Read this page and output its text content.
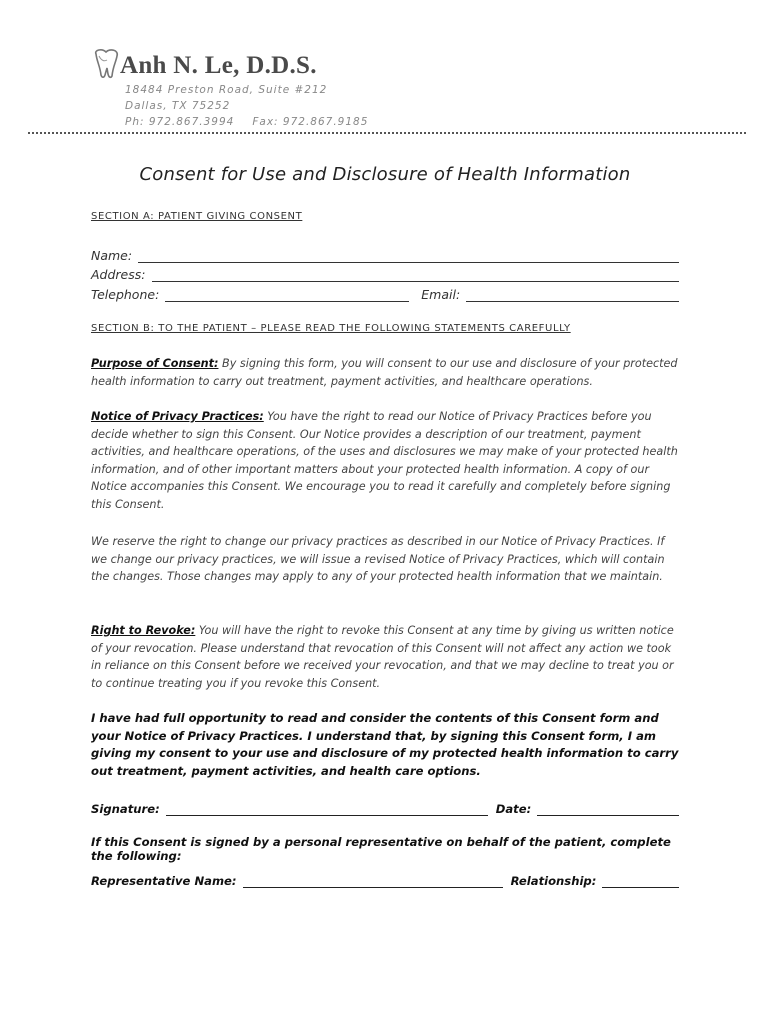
Anh N. Le, D.D.S.
18484 Preston Road, Suite #212
Dallas, TX 75252
Ph: 972.867.3994 Fax: 972.867.9185
Consent for Use and Disclosure of Health Information
SECTION A: PATIENT GIVING CONSENT
Name:
Address:
Telephone:	Email:
SECTION B: TO THE PATIENT – PLEASE READ THE FOLLOWING STATEMENTS CAREFULLY
Purpose of Consent: By signing this form, you will consent to our use and disclosure of your protected health information to carry out treatment, payment activities, and healthcare operations.
Notice of Privacy Practices: You have the right to read our Notice of Privacy Practices before you decide whether to sign this Consent. Our Notice provides a description of our treatment, payment activities, and healthcare operations, of the uses and disclosures we may make of your protected health information, and of other important matters about your protected health information. A copy of our Notice accompanies this Consent. We encourage you to read it carefully and completely before signing this Consent.
We reserve the right to change our privacy practices as described in our Notice of Privacy Practices. If we change our privacy practices, we will issue a revised Notice of Privacy Practices, which will contain the changes. Those changes may apply to any of your protected health information that we maintain.
Right to Revoke: You will have the right to revoke this Consent at any time by giving us written notice of your revocation. Please understand that revocation of this Consent will not affect any action we took in reliance on this Consent before we received your revocation, and that we may decline to treat you or to continue treating you if you revoke this Consent.
I have had full opportunity to read and consider the contents of this Consent form and your Notice of Privacy Practices. I understand that, by signing this Consent form, I am giving my consent to your use and disclosure of my protected health information to carry out treatment, payment activities, and health care options.
Signature:	Date:
If this Consent is signed by a personal representative on behalf of the patient, complete the following:
Representative Name:	Relationship:
